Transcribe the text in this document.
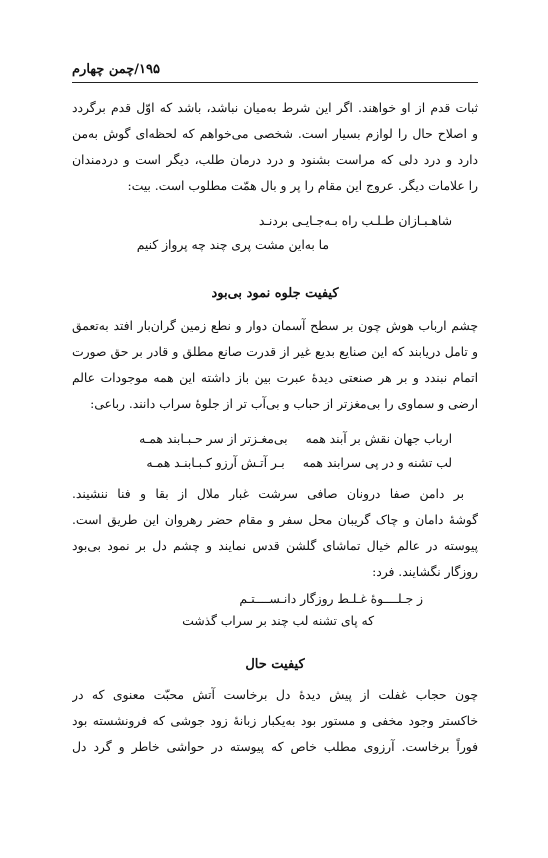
۱۹۵/چمن چهارم
ثبات قدم از او خواهند. اگر این شرط به‌میان نباشد، باشد که اوّل قدم برگردد
و اصلاح حال را لوازم بسیار است. شخصی می‌خواهم که لحظه‌ای گوش به‌من
دارد و درد دلی که مراست بشنود و درد درمان طلب، دیگر است و دردمندان
را علامات دیگر. عروج این مقام را پر و بال همّت مطلوب است. بیت:
شاهـبـازان طـلـب راه بـه‌جـایـی بردنـد
ما به‌این مشت پری چند چه پرواز کنیم
کیفیت جلوه نمود بی‌بود
چشم ارباب هوش چون بر سطح آسمان دوار و نطع زمین گران‌بار افتد به‌تعمق
و تامل دریابند که این صنایع بدیع غیر از قدرت صانع مطلق و قادر بر حق صورت
اتمام نبندد و بر هر صنعتی دیدهٔ عبرت بین باز داشته این همه موجودات عالم
ارضی و سماوی را بی‌مغزتر از حباب و بی‌آب تر از جلوهٔ سراب دانند. رباعی:
ارباب جهان نقش بر آبند همه
بی‌مغـزتر از سر حـبـابند همـه
لب تشنه و در پی سرابند همه
بـر آتـش آرزو کـبـابنـد همـه
بر دامن صفا درونان صافی سرشت غبار ملال از بقا و فنا ننشیند.
گوشهٔ دامان و چاک گریبان محل سفر و مقام حضر رهروان این طریق است.
پیوسته در عالم خیال تماشای گلشن قدس نمایند و چشم دل بر نمود بی‌بود
روزگار نگشایند. فرد:
ز جـلــــوهٔ غـلـط روزگار دانـســــتـم
که پای تشنه لب چند بر سراب گذشت
کیفیت حال
چون حجاب غفلت از پیش دیدهٔ دل برخاست آتش محبّت معنوی که در
خاکستر وجود مخفی و مستور بود به‌یکبار زبانهٔ زود جوشی که فرونشسته بود
فوراً برخاست. آرزوی مطلب خاص که پیوسته در حواشی خاطر و گرد دل
